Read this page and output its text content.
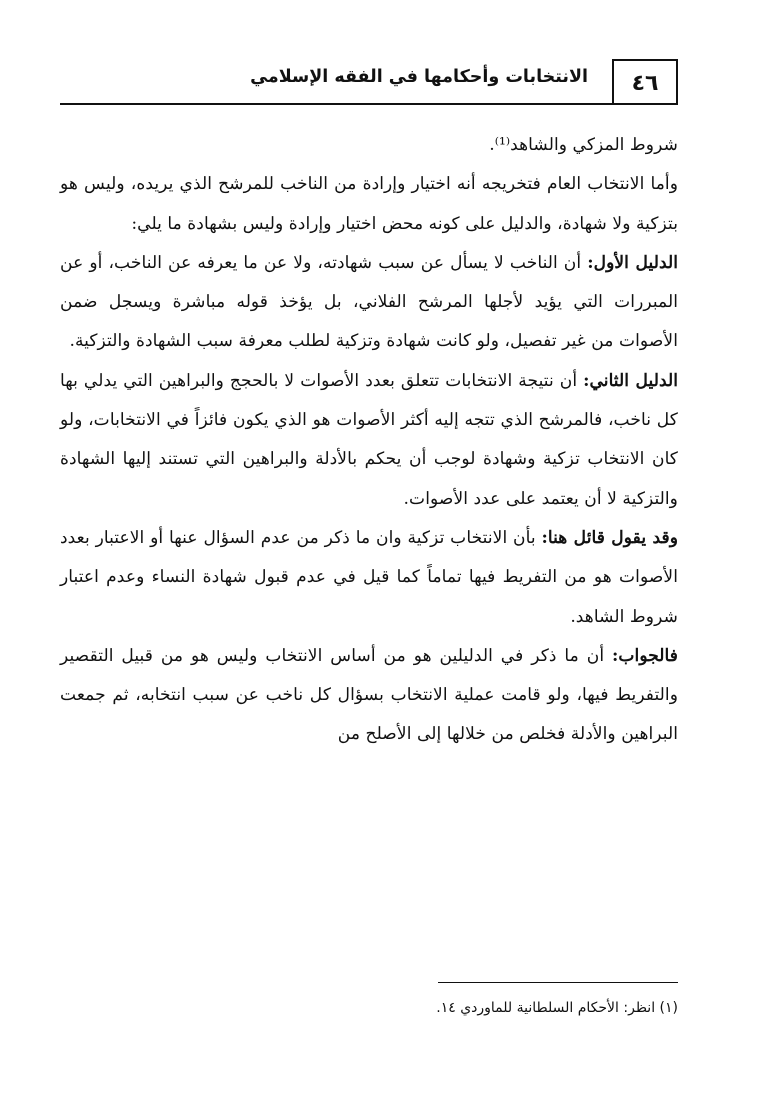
٤٦
الانتخابات وأحكامها في الفقه الإسلامي

شروط المزكي والشاهد⁽¹⁾.

وأما الانتخاب العام فتخريجه أنه اختيار وإرادة من الناخب للمرشح الذي يريده، وليس هو بتزكية ولا شهادة، والدليل على كونه محض اختيار وإرادة وليس بشهادة ما يلي:

الدليل الأول: أن الناخب لا يسأل عن سبب شهادته، ولا عن ما يعرفه عن الناخب، أو عن المبررات التي يؤيد لأجلها المرشح الفلاني، بل يؤخذ قوله مباشرة ويسجل ضمن الأصوات من غير تفصيل، ولو كانت شهادة وتزكية لطلب معرفة سبب الشهادة والتزكية.

الدليل الثاني: أن نتيجة الانتخابات تتعلق بعدد الأصوات لا بالحجج والبراهين التي يدلي بها كل ناخب، فالمرشح الذي تتجه إليه أكثر الأصوات هو الذي يكون فائزاً في الانتخابات، ولو كان الانتخاب تزكية وشهادة لوجب أن يحكم بالأدلة والبراهين التي تستند إليها الشهادة والتزكية لا أن يعتمد على عدد الأصوات.

وقد يقول قائل هنا: بأن الانتخاب تزكية وان ما ذكر من عدم السؤال عنها أو الاعتبار بعدد الأصوات هو من التفريط فيها تماماً كما قيل في عدم قبول شهادة النساء وعدم اعتبار شروط الشاهد.

فالجواب: أن ما ذكر في الدليلين هو من أساس الانتخاب وليس هو من قبيل التقصير والتفريط فيها، ولو قامت عملية الانتخاب بسؤال كل ناخب عن سبب انتخابه، ثم جمعت البراهين والأدلة فخلص من خلالها إلى الأصلح من

(١) انظر: الأحكام السلطانية للماوردي ١٤.
